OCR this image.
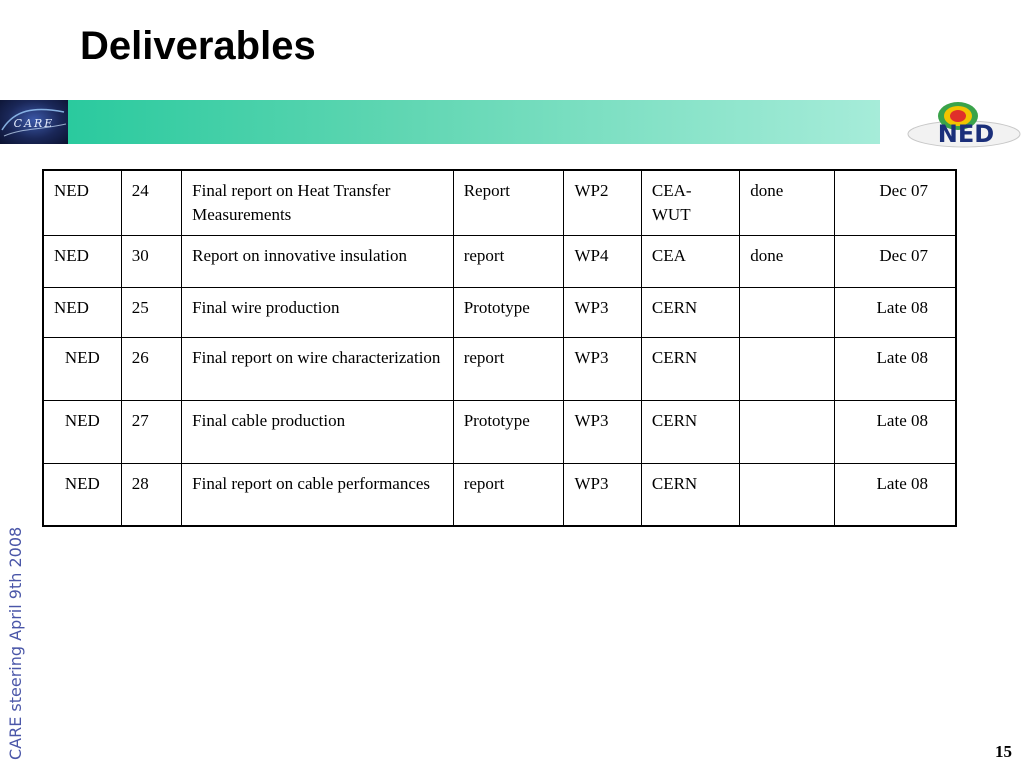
Deliverables
CARE	NED
NED	24	Final report on Heat Transfer Measurements	Report	WP2	CEA-WUT	done	Dec 07
NED	30	Report on innovative insulation	report	WP4	CEA	done	Dec 07
NED	25	Final wire production	Prototype	WP3	CERN		Late 08
NED	26	Final report on wire characterization	report	WP3	CERN		Late 08
NED	27	Final cable production	Prototype	WP3	CERN		Late 08
NED	28	Final report on cable performances	report	WP3	CERN		Late 08
CARE steering April 9th 2008	15
